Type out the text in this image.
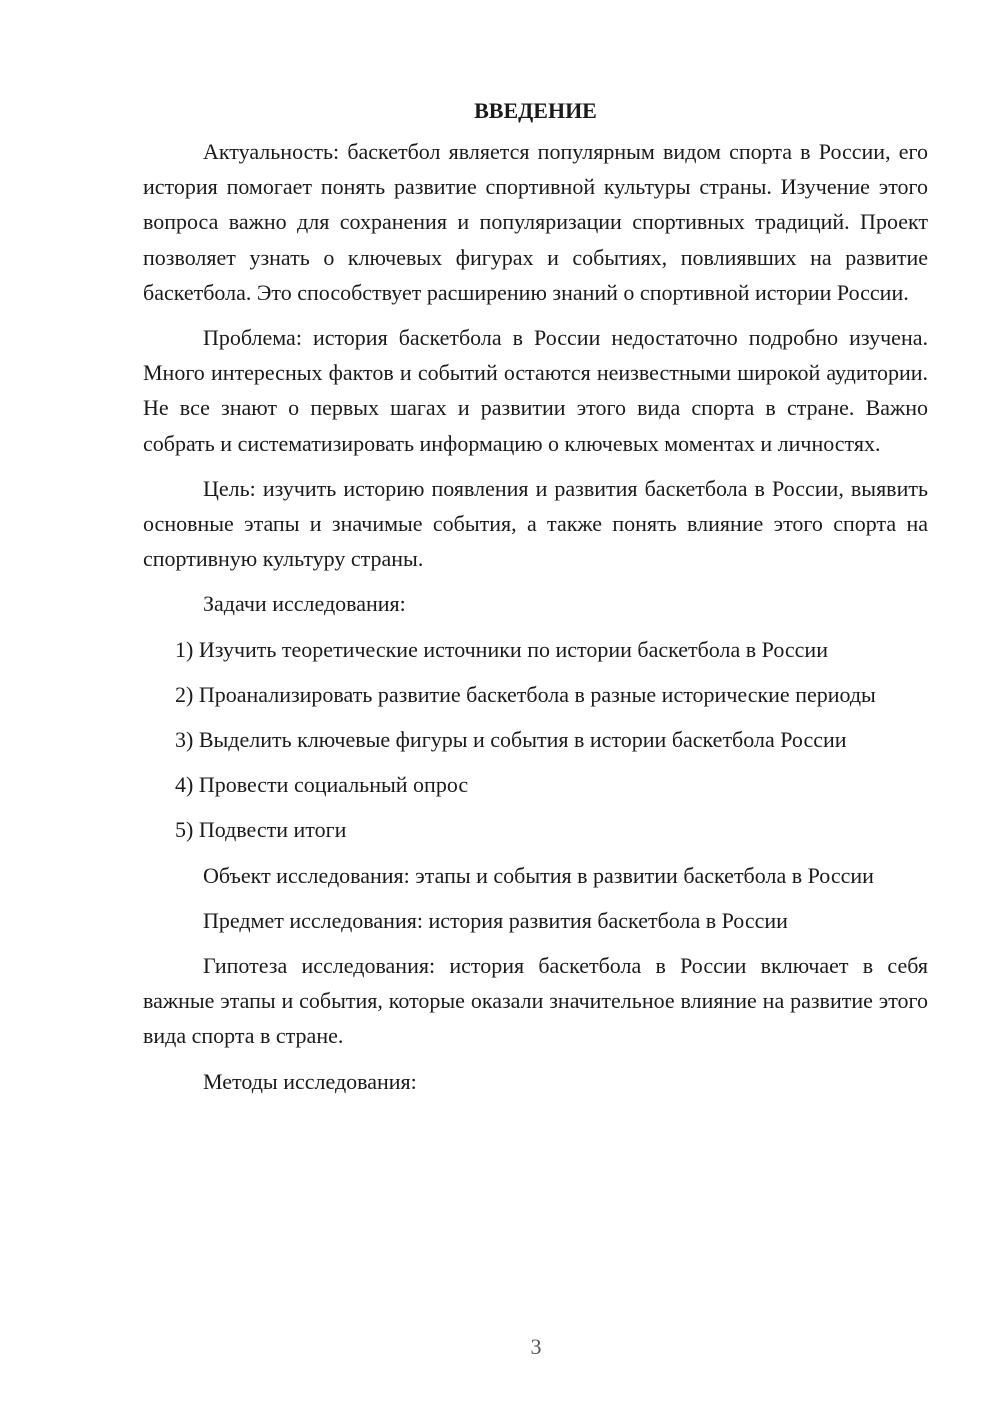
ВВЕДЕНИЕ

Актуальность: баскетбол является популярным видом спорта в России, его история помогает понять развитие спортивной культуры страны. Изучение этого вопроса важно для сохранения и популяризации спортивных традиций. Проект позволяет узнать о ключевых фигурах и событиях, повлиявших на развитие баскетбола. Это способствует расширению знаний о спортивной истории России.

Проблема: история баскетбола в России недостаточно подробно изучена. Много интересных фактов и событий остаются неизвестными широкой аудитории. Не все знают о первых шагах и развитии этого вида спорта в стране. Важно собрать и систематизировать информацию о ключевых моментах и личностях.

Цель: изучить историю появления и развития баскетбола в России, выявить основные этапы и значимые события, а также понять влияние этого спорта на спортивную культуру страны.

Задачи исследования:

1) Изучить теоретические источники по истории баскетбола в России

2) Проанализировать развитие баскетбола в разные исторические периоды

3) Выделить ключевые фигуры и события в истории баскетбола России

4) Провести социальный опрос

5) Подвести итоги

Объект исследования: этапы и события в развитии баскетбола в России

Предмет исследования: история развития баскетбола в России

Гипотеза исследования: история баскетбола в России включает в себя важные этапы и события, которые оказали значительное влияние на развитие этого вида спорта в стране.

Методы исследования:

3
